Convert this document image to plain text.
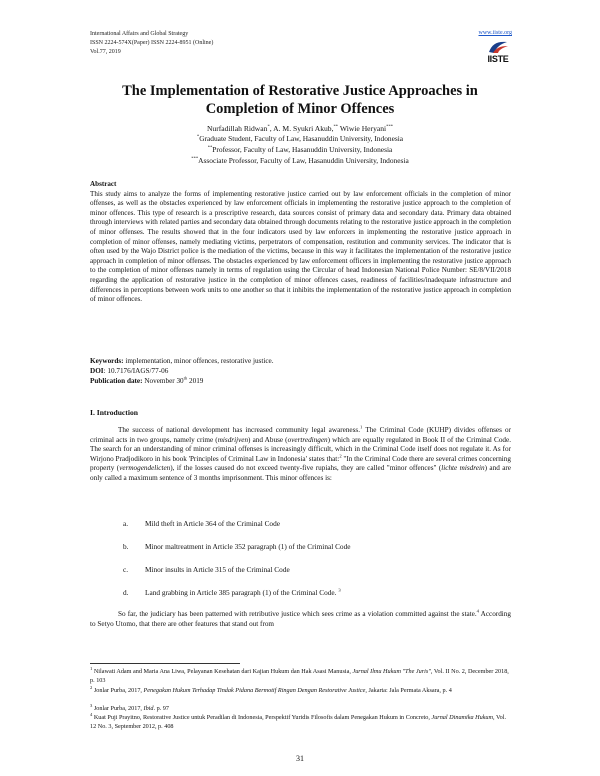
International Affairs and Global Strategy
ISSN 2224-574X(Paper) ISSN 2224-8951 (Online)
Vol.77, 2019
www.iiste.org
IISTE
The Implementation of Restorative Justice Approaches in Completion of Minor Offences
Nurfadillah Ridwan*, A. M. Syukri Akub,** Wiwie Heryani***
*Graduate Student, Faculty of Law, Hasanuddin University, Indonesia
**Professor, Faculty of Law, Hasanuddin University, Indonesia
***Associate Professor, Faculty of Law, Hasanuddin University, Indonesia
Abstract
This study aims to analyze the forms of implementing restorative justice carried out by law enforcement officials in the completion of minor offenses, as well as the obstacles experienced by law enforcement officials in implementing the restorative justice approach to the completion of minor offences. This type of research is a prescriptive research, data sources consist of primary data and secondary data. Primary data obtained through interviews with related parties and secondary data obtained through documents relating to the restorative justice approach in the completion of minor offenses. The results showed that in the four indicators used by law enforcers in implementing the restorative justice approach in completion of minor offenses, namely mediating victims, perpetrators of compensation, restitution and community services. The indicator that is often used by the Wajo District police is the mediation of the victims, because in this way it facilitates the implementation of the restorative justice approach in completion of minor offenses. The obstacles experienced by law enforcement officers in implementing the restorative justice approach to the completion of minor offenses namely in terms of regulation using the Circular of head Indonesian National Police Number: SE/8/VII/2018 regarding the application of restorative justice in the completion of minor offences cases, readiness of facilities/inadequate infrastructure and differences in perceptions between work units to one another so that it inhibits the implementation of the restorative justice approach in completion of minor offences.
Keywords: implementation, minor offences, restorative justice.
DOI: 10.7176/IAGS/77-06
Publication date: November 30th 2019
I. Introduction
The success of national development has increased community legal awareness.$^1$ The Criminal Code (KUHP) divides offenses or criminal acts in two groups, namely crime (misdrijven) and Abuse (overtredingen) which are equally regulated in Book II of the Criminal Code. The search for an understanding of minor criminal offenses is increasingly difficult, which in the Criminal Code itself does not regulate it. As for Wirjono Pradjodikoro in his book 'Principles of Criminal Law in Indonesia' states that:$^2$ "In the Criminal Code there are several crimes concerning property (vermogendelicten), if the losses caused do not exceed twenty-five rupiahs, they are called "minor offences" (lichte misdrein) and are only called a maximum sentence of 3 months imprisonment. This minor offences is:
a. Mild theft in Article 364 of the Criminal Code
b. Minor maltreatment in Article 352 paragraph (1) of the Criminal Code
c. Minor insults in Article 315 of the Criminal Code
d. Land grabbing in Article 385 paragraph (1) of the Criminal Code. $^3$
So far, the judiciary has been patterned with retributive justice which sees crime as a violation committed against the state.$^4$ According to Setyo Utomo, that there are other features that stand out from
$^1$ Nilawati Adam and Maria Ana Liwa, Pelayanan Kesehatan dari Kajian Hukum dan Hak Asasi Manusia, Jurnal Ilmu Hukum "The Juris", Vol. II No. 2, December 2018, p. 103
$^2$ Jonlar Purba, 2017, Penegakan Hukum Terhadap Tindak Pidana Bermotif Ringan Dengan Restorative Justice, Jakarta: Jala Permata Aksara, p. 4
$^3$ Jonlar Purba, 2017, Ibid. p. 97
$^4$ Kuat Puji Prayitno, Restorative Justice untuk Peradilan di Indonesia, Perspektif Yuridis Filosofis dalam Penegakan Hukum in Concreto, Jurnal Dinamika Hukum, Vol. 12 No. 3, September 2012, p. 408
31
